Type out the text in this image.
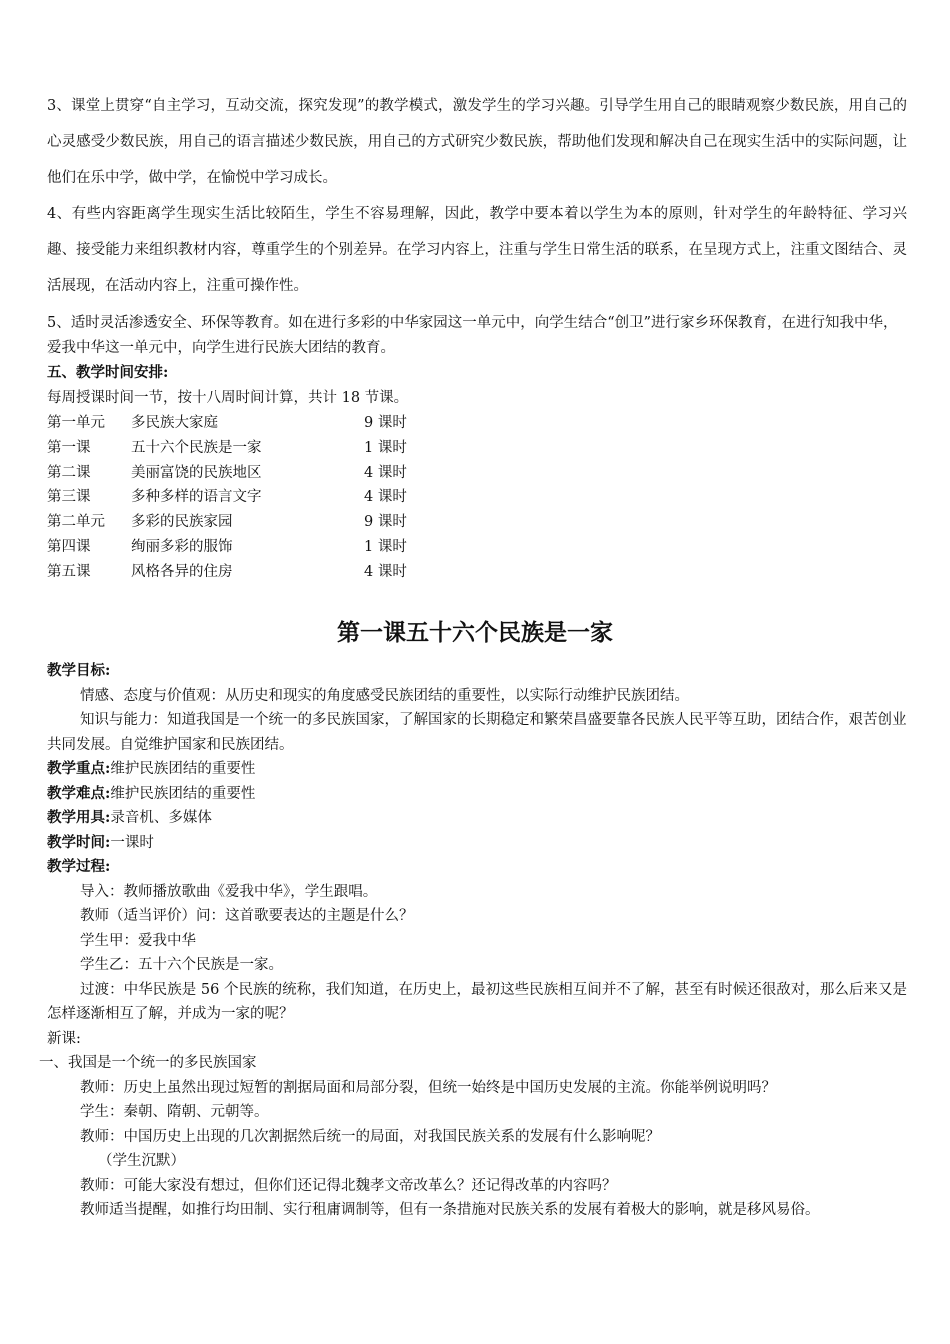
3、课堂上贯穿“自主学习，互动交流，探究发现”的教学模式，激发学生的学习兴趣。引导学生用自己的眼睛观察少数民族，用自己的心灵感受少数民族，用自己的语言描述少数民族，用自己的方式研究少数民族，帮助他们发现和解决自己在现实生活中的实际问题，让他们在乐中学，做中学，在愉悦中学习成长。

4、有些内容距离学生现实生活比较陌生，学生不容易理解，因此，教学中要本着以学生为本的原则，针对学生的年龄特征、学习兴趣、接受能力来组织教材内容，尊重学生的个别差异。在学习内容上，注重与学生日常生活的联系，在呈现方式上，注重文图结合、灵活展现，在活动内容上，注重可操作性。

5、适时灵活渗透安全、环保等教育。如在进行多彩的中华家园这一单元中，向学生结合“创卫”进行家乡环保教育，在进行知我中华，爱我中华这一单元中，向学生进行民族大团结的教育。

五、教学时间安排:
每周授课时间一节，按十八周时间计算，共计 18 节课。
第一单元	多民族大家庭	9 课时
第一课	五十六个民族是一家	1 课时
第二课	美丽富饶的民族地区	4 课时
第三课	多种多样的语言文字	4 课时
第二单元	多彩的民族家园	9 课时
第四课	绚丽多彩的服饰	1 课时
第五课	风格各异的住房	4 课时
第一课五十六个民族是一家
教学目标:
情感、态度与价值观：从历史和现实的角度感受民族团结的重要性，以实际行动维护民族团结。
知识与能力：知道我国是一个统一的多民族国家，了解国家的长期稳定和繁荣昌盛要靠各民族人民平等互助，团结合作，艰苦创业共同发展。自觉维护国家和民族团结。
教学重点:维护民族团结的重要性
教学难点:维护民族团结的重要性
教学用具:录音机、多媒体
教学时间:一课时
教学过程:
导入：教师播放歌曲《爱我中华》，学生跟唱。
教师（适当评价）问：这首歌要表达的主题是什么？
学生甲：爱我中华
学生乙：五十六个民族是一家。
过渡：中华民族是 56 个民族的统称，我们知道，在历史上，最初这些民族相互间并不了解，甚至有时候还很敌对，那么后来又是怎样逐渐相互了解，并成为一家的呢？
新课:
一、我国是一个统一的多民族国家
教师：历史上虽然出现过短暂的割据局面和局部分裂，但统一始终是中国历史发展的主流。你能举例说明吗？
学生：秦朝、隋朝、元朝等。
教师：中国历史上出现的几次割据然后统一的局面，对我国民族关系的发展有什么影响呢？
（学生沉默）
教师：可能大家没有想过，但你们还记得北魏孝文帝改革么？还记得改革的内容吗？
教师适当提醒，如推行均田制、实行租庸调制等，但有一条措施对民族关系的发展有着极大的影响，就是移风易俗。
